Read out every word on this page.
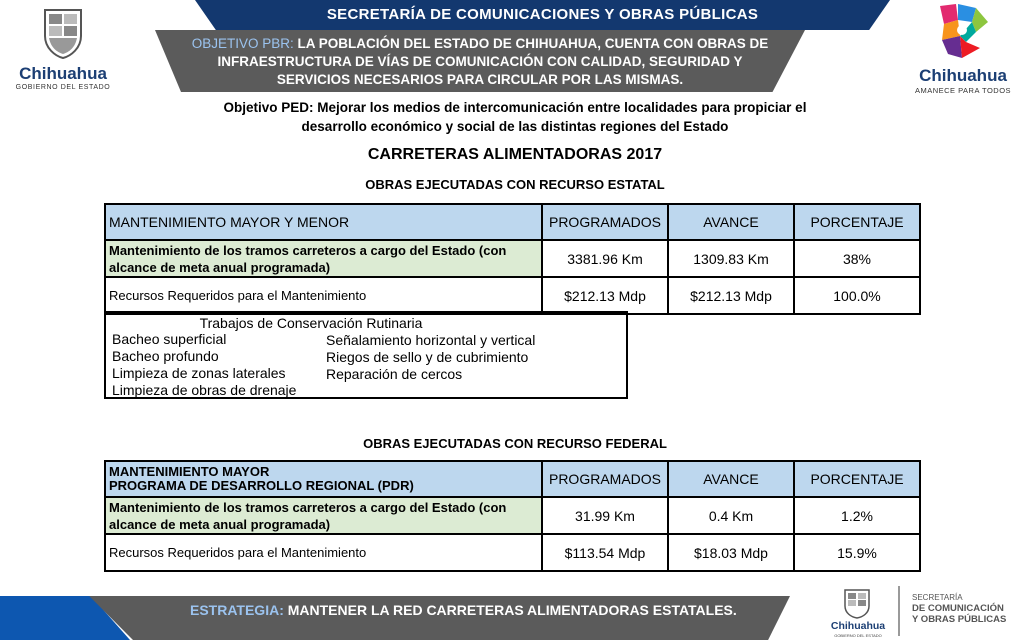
SECRETARÍA DE COMUNICACIONES Y OBRAS PÚBLICAS
OBJETIVO PBR: LA POBLACIÓN DEL ESTADO DE CHIHUAHUA, CUENTA CON OBRAS DE INFRAESTRUCTURA DE VÍAS DE COMUNICACIÓN CON CALIDAD, SEGURIDAD Y SERVICIOS NECESARIOS PARA CIRCULAR POR LAS MISMAS.
Chihuahua
GOBIERNO DEL ESTADO
Chihuahua
AMANECE PARA TODOS
Objetivo PED: Mejorar los medios de intercomunicación entre localidades para propiciar el desarrollo económico y social de las distintas regiones del Estado
CARRETERAS ALIMENTADORAS 2017
OBRAS EJECUTADAS CON RECURSO ESTATAL
MANTENIMIENTO MAYOR Y MENOR	PROGRAMADOS	AVANCE	PORCENTAJE
Mantenimiento de los tramos carreteros a cargo del Estado (con alcance de meta anual programada)	3381.96 Km	1309.83 Km	38%
Recursos Requeridos para el Mantenimiento	$212.13 Mdp	$212.13 Mdp	100.0%
Trabajos de Conservación Rutinaria
Bacheo superficial
Bacheo profundo
Limpieza de zonas laterales
Limpieza de obras de drenaje
Señalamiento horizontal y vertical
Riegos de sello y de cubrimiento
Reparación de cercos
OBRAS EJECUTADAS CON RECURSO FEDERAL
MANTENIMIENTO MAYOR
PROGRAMA DE DESARROLLO REGIONAL (PDR)	PROGRAMADOS	AVANCE	PORCENTAJE
Mantenimiento de los tramos carreteros a cargo del Estado (con alcance de meta anual programada)	31.99 Km	0.4 Km	1.2%
Recursos Requeridos para el Mantenimiento	$113.54 Mdp	$18.03 Mdp	15.9%
ESTRATEGIA: MANTENER LA RED CARRETERAS ALIMENTADORAS ESTATALES.
Chihuahua
GOBIERNO DEL ESTADO
SECRETARÍA
DE COMUNICACIÓN
Y OBRAS PÚBLICAS
